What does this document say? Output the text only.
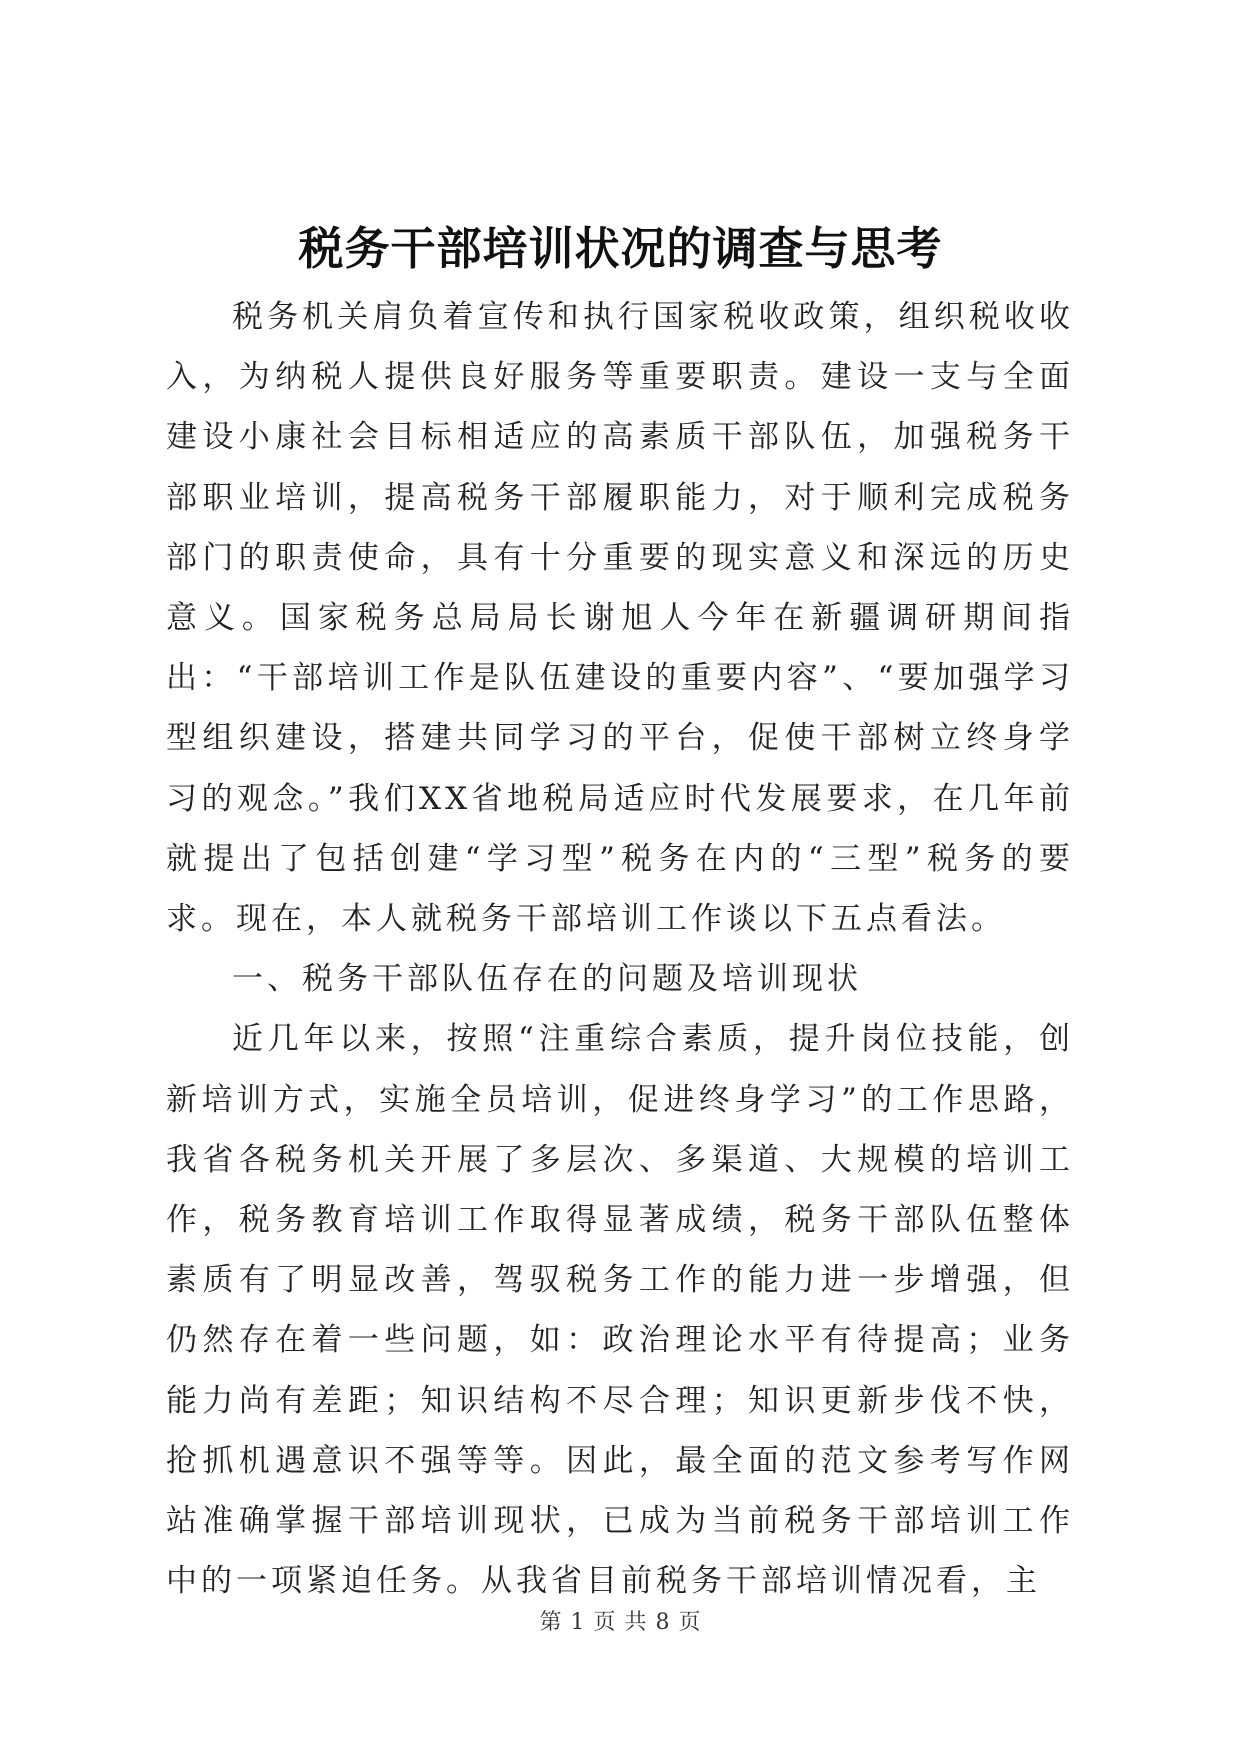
税务干部培训状况的调查与思考

税务机关肩负着宣传和执行国家税收政策，组织税收收入，为纳税人提供良好服务等重要职责。建设一支与全面建设小康社会目标相适应的高素质干部队伍，加强税务干部职业培训，提高税务干部履职能力，对于顺利完成税务部门的职责使命，具有十分重要的现实意义和深远的历史意义。国家税务总局局长谢旭人今年在新疆调研期间指出：“干部培训工作是队伍建设的重要内容”、“要加强学习型组织建设，搭建共同学习的平台，促使干部树立终身学习的观念。”我们XX省地税局适应时代发展要求，在几年前就提出了包括创建“学习型”税务在内的“三型”税务的要求。现在，本人就税务干部培训工作谈以下五点看法。

一、税务干部队伍存在的问题及培训现状

近几年以来，按照“注重综合素质，提升岗位技能，创新培训方式，实施全员培训，促进终身学习”的工作思路，我省各税务机关开展了多层次、多渠道、大规模的培训工作，税务教育培训工作取得显著成绩，税务干部队伍整体素质有了明显改善，驾驭税务工作的能力进一步增强，但仍然存在着一些问题，如：政治理论水平有待提高；业务能力尚有差距；知识结构不尽合理；知识更新步伐不快，抢抓机遇意识不强等等。因此，最全面的范文参考写作网站准确掌握干部培训现状，已成为当前税务干部培训工作中的一项紧迫任务。从我省目前税务干部培训情况看，主

第 1 页 共 8 页
